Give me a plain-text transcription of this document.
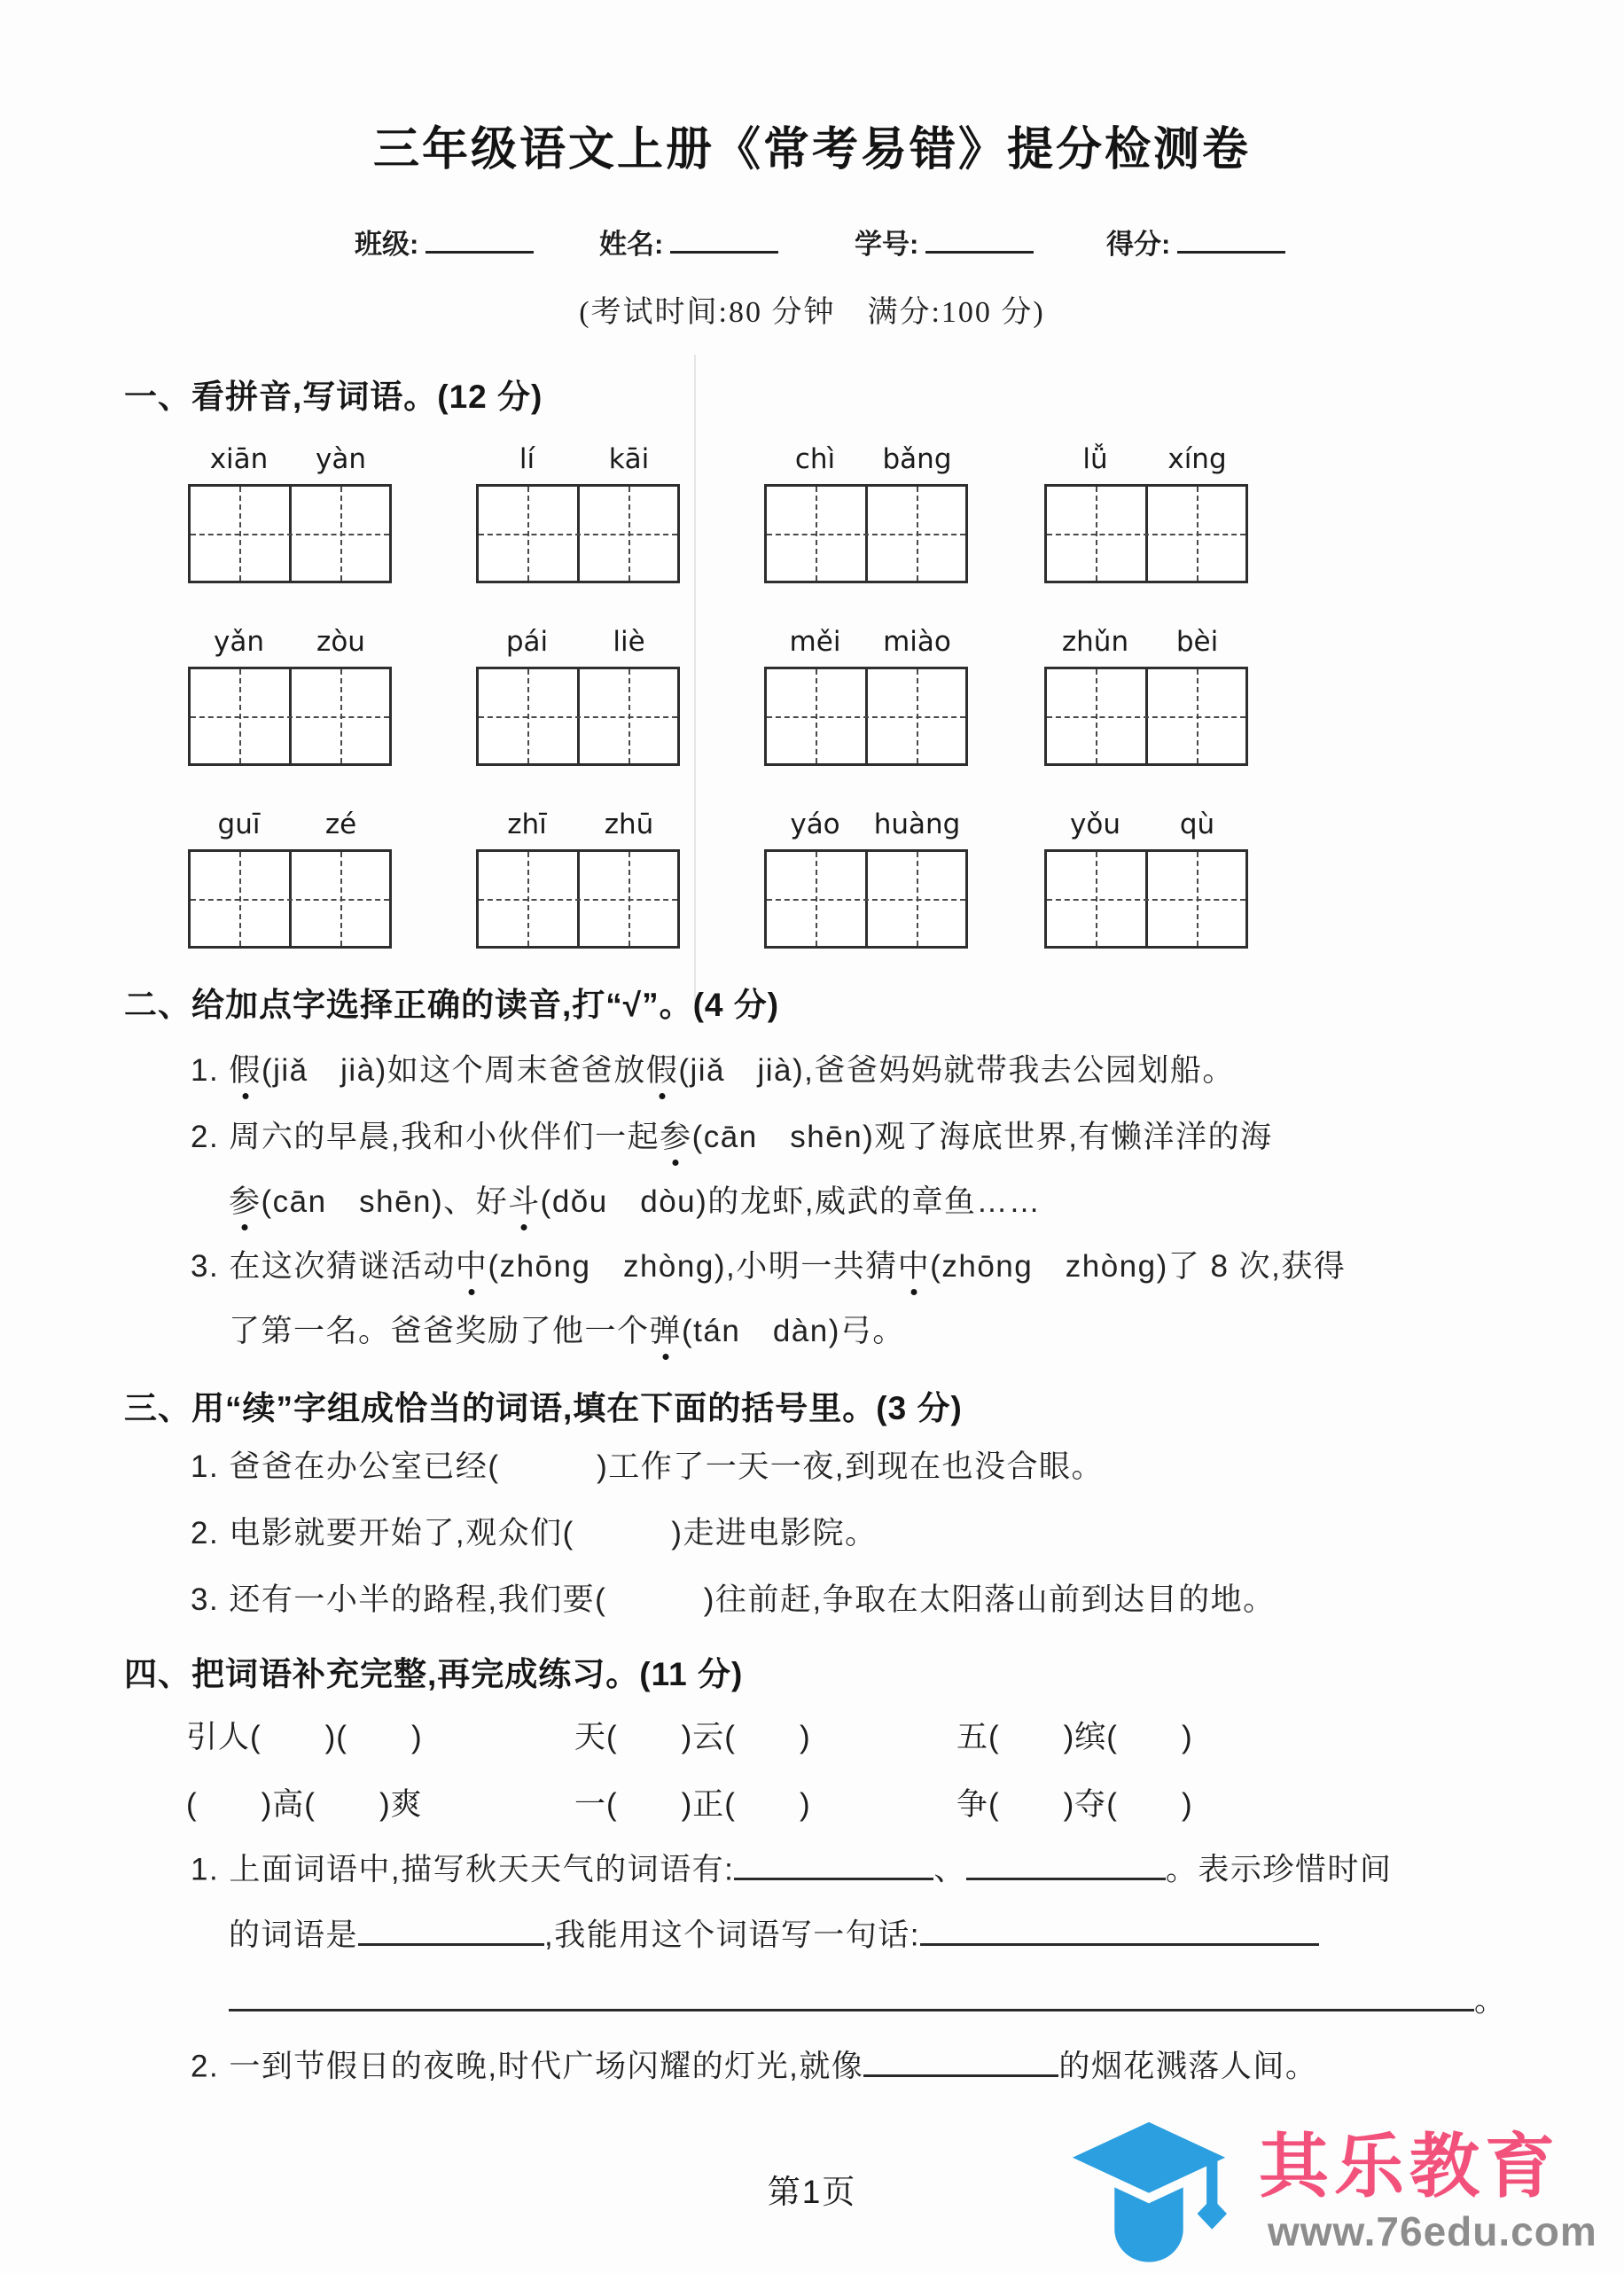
三年级语文上册《常考易错》提分检测卷
班级:	姓名:	学号:	得分:
(考试时间:80 分钟　满分:100 分)
一、看拼音,写词语。(12 分)
xiān	yàn	lí	kāi	chì	bǎng	lǚ	xíng
yǎn	zòu	pái	liè	měi	miào	zhǔn	bèi
guī	zé	zhī	zhū	yáo	huàng	yǒu	qù
二、给加点字选择正确的读音,打“√”。(4 分)
1. 假(jiǎ　jià)如这个周末爸爸放假(jiǎ　jià),爸爸妈妈就带我去公园划船。
2. 周六的早晨,我和小伙伴们一起参(cān　shēn)观了海底世界,有懒洋洋的海
参(cān　shēn)、好斗(dǒu　dòu)的龙虾,威武的章鱼……
3. 在这次猜谜活动中(zhōng　zhòng),小明一共猜中(zhōng　zhòng)了 8 次,获得
了第一名。爸爸奖励了他一个弹(tán　dàn)弓。
三、用“续”字组成恰当的词语,填在下面的括号里。(3 分)
1. 爸爸在办公室已经(　　　)工作了一天一夜,到现在也没合眼。
2. 电影就要开始了,观众们(　　　)走进电影院。
3. 还有一小半的路程,我们要(　　　)往前赶,争取在太阳落山前到达目的地。
四、把词语补充完整,再完成练习。(11 分)
引人(　　)(　　)	天(　　)云(　　)	五(　　)缤(　　)
(　　)高(　　)爽	一(　　)正(　　)	争(　　)夺(　　)
1. 上面词语中,描写秋天天气的词语有:	、	。表示珍惜时间
的词语是	,我能用这个词语写一句话:
。
2. 一到节假日的夜晚,时代广场闪耀的灯光,就像	的烟花溅落人间。
第1页	其乐教育
www.76edu.com
